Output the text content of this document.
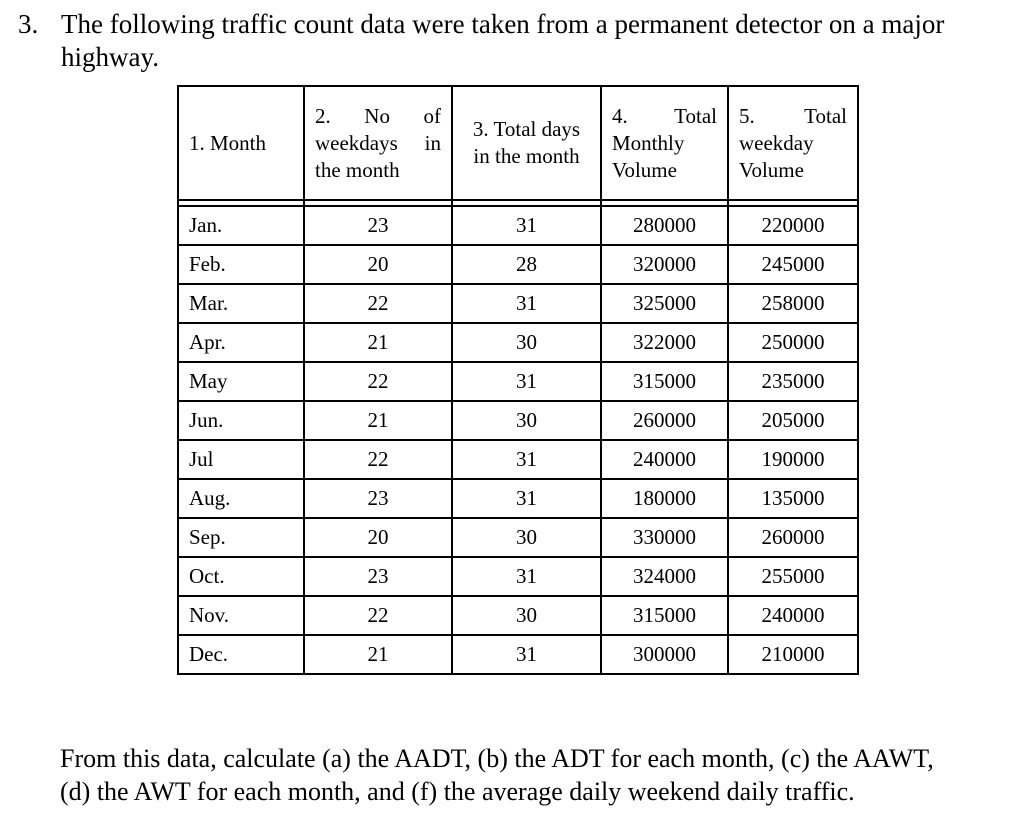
3. The following traffic count data were taken from a permanent detector on a major
highway.
1. Month	2. No of weekdays in the month	3. Total days in the month	4. Total Monthly Volume	5. Total weekday Volume

Jan.	23	31	280000	220000
Feb.	20	28	320000	245000
Mar.	22	31	325000	258000
Apr.	21	30	322000	250000
May	22	31	315000	235000
Jun.	21	30	260000	205000
Jul	22	31	240000	190000
Aug.	23	31	180000	135000
Sep.	20	30	330000	260000
Oct.	23	31	324000	255000
Nov.	22	30	315000	240000
Dec.	21	31	300000	210000
From this data, calculate (a) the AADT, (b) the ADT for each month, (c) the AAWT,
(d) the AWT for each month, and (f) the average daily weekend daily traffic.
